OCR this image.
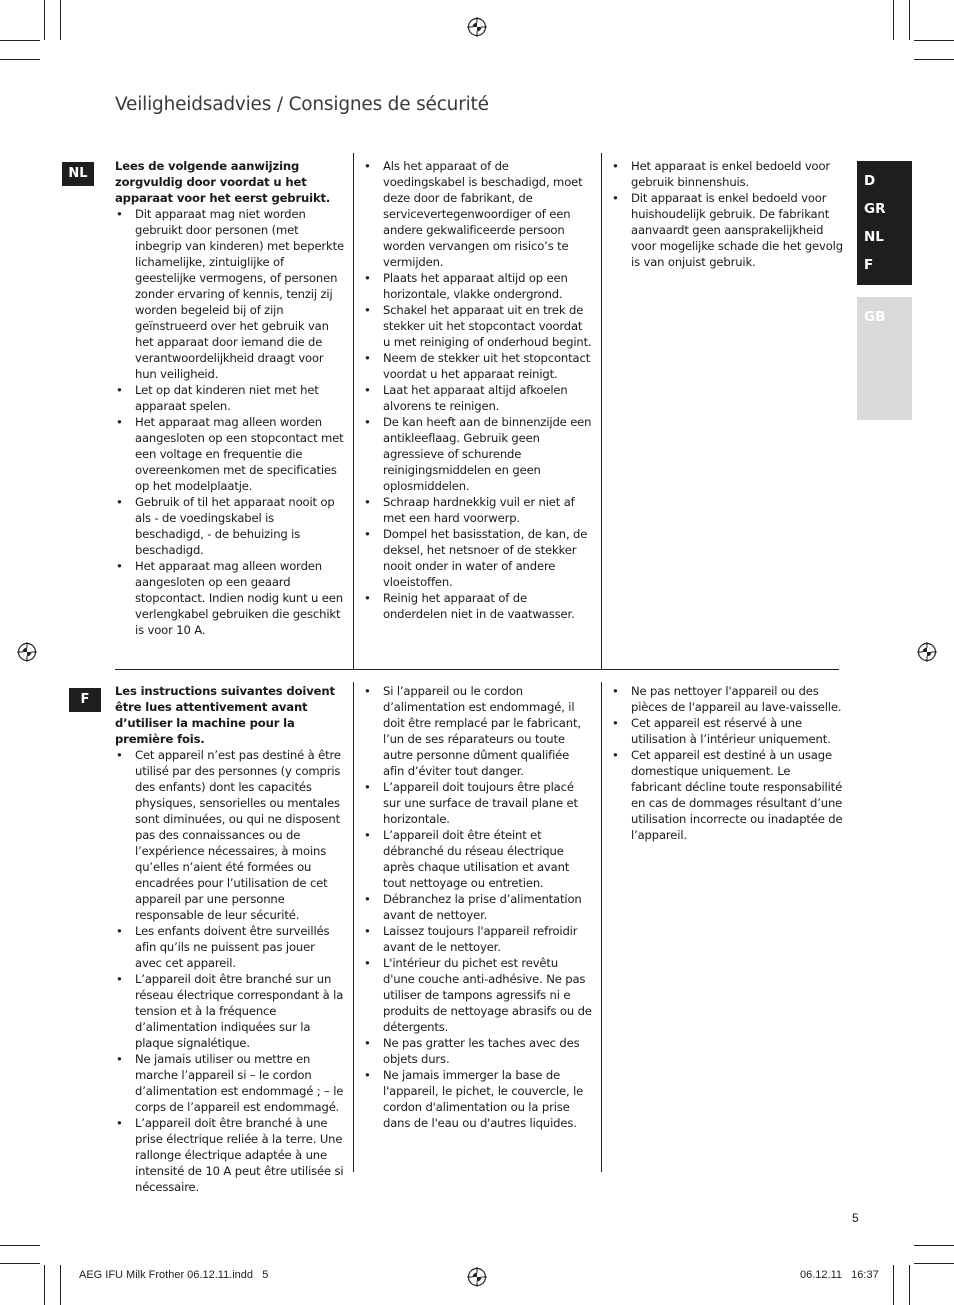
Veiligheidsadvies / Consignes de sécurité
D
GR
NL
F
GB
NL	Lees de volgende aanwijzing zorgvuldig door voordat u het apparaat voor het eerst gebruikt.

• Dit apparaat mag niet worden gebruikt door personen (met inbegrip van kinderen) met beperkte lichamelijke, zintuiglijke of geestelijke vermogens, of personen zonder ervaring of kennis, tenzij zij worden begeleid bij of zijn geïnstrueerd over het gebruik van het apparaat door iemand die de verantwoordelijkheid draagt voor hun veiligheid.
• Let op dat kinderen niet met het apparaat spelen.
• Het apparaat mag alleen worden aangesloten op een stopcontact met een voltage en frequentie die overeenkomen met de specificaties op het modelplaatje.
• Gebruik of til het apparaat nooit op als - de voedingskabel is beschadigd, - de behuizing is beschadigd.
• Het apparaat mag alleen worden aangesloten op een geaard stopcontact. Indien nodig kunt u een verlengkabel gebruiken die geschikt is voor 10 A.
• Als het apparaat of de voedingskabel is beschadigd, moet deze door de fabrikant, de servicevertegenwoordiger of een andere gekwalificeerde persoon worden vervangen om risico’s te vermijden.
• Plaats het apparaat altijd op een horizontale, vlakke ondergrond.
• Schakel het apparaat uit en trek de stekker uit het stopcontact voordat u met reiniging of onderhoud begint.
• Neem de stekker uit het stopcontact voordat u het apparaat reinigt.
• Laat het apparaat altijd afkoelen alvorens te reinigen.
• De kan heeft aan de binnenzijde een antikleeflaag. Gebruik geen agressieve of schurende reinigingsmiddelen en geen oplosmiddelen.
• Schraap hardnekkig vuil er niet af met een hard voorwerp.
• Dompel het basisstation, de kan, de deksel, het netsnoer of de stekker nooit onder in water of andere vloeistoffen.
• Reinig het apparaat of de onderdelen niet in de vaatwasser.
• Het apparaat is enkel bedoeld voor gebruik binnenshuis.
• Dit apparaat is enkel bedoeld voor huishoudelijk gebruik. De fabrikant aanvaardt geen aansprakelijkheid voor mogelijke schade die het gevolg is van onjuist gebruik.
F

Les instructions suivantes doivent être lues attentivement avant d’utiliser la machine pour la première fois.

• Cet appareil n’est pas destiné à être utilisé par des personnes (y compris des enfants) dont les capacités physiques, sensorielles ou mentales sont diminuées, ou qui ne disposent pas des connaissances ou de l’expérience nécessaires, à moins qu’elles n’aient été formées ou encadrées pour l’utilisation de cet appareil par une personne responsable de leur sécurité.
• Les enfants doivent être surveillés afin qu’ils ne puissent pas jouer avec cet appareil.
• L’appareil doit être branché sur un réseau électrique correspondant à la tension et à la fréquence d’alimentation indiquées sur la plaque signalétique.
• Ne jamais utiliser ou mettre en marche l’appareil si – le cordon d’alimentation est endommagé ; – le corps de l’appareil est endommagé.
• L’appareil doit être branché à une prise électrique reliée à la terre. Une rallonge électrique adaptée à une intensité de 10 A peut être utilisée si nécessaire.
• Si l’appareil ou le cordon d’alimentation est endommagé, il doit être remplacé par le fabricant, l’un de ses réparateurs ou toute autre personne dûment qualifiée afin d’éviter tout danger.
• L’appareil doit toujours être placé sur une surface de travail plane et horizontale.
• L’appareil doit être éteint et débranché du réseau électrique après chaque utilisation et avant tout nettoyage ou entretien.
• Débranchez la prise d’alimentation avant de nettoyer.
• Laissez toujours l'appareil refroidir avant de le nettoyer.
• L'intérieur du pichet est revêtu d'une couche anti-adhésive. Ne pas utiliser de tampons agressifs ni e produits de nettoyage abrasifs ou de détergents.
• Ne pas gratter les taches avec des objets durs.
• Ne jamais immerger la base de l'appareil, le pichet, le couvercle, le cordon d'alimentation ou la prise dans de l'eau ou d'autres liquides.
• Ne pas nettoyer l'appareil ou des pièces de l'appareil au lave-vaisselle.
• Cet appareil est réservé à une utilisation à l’intérieur uniquement.
• Cet appareil est destiné à un usage domestique uniquement. Le fabricant décline toute responsabilité en cas de dommages résultant d’une utilisation incorrecte ou inadaptée de l’appareil.
5
AEG IFU Milk Frother 06.12.11.indd   5	06.12.11   16:37
